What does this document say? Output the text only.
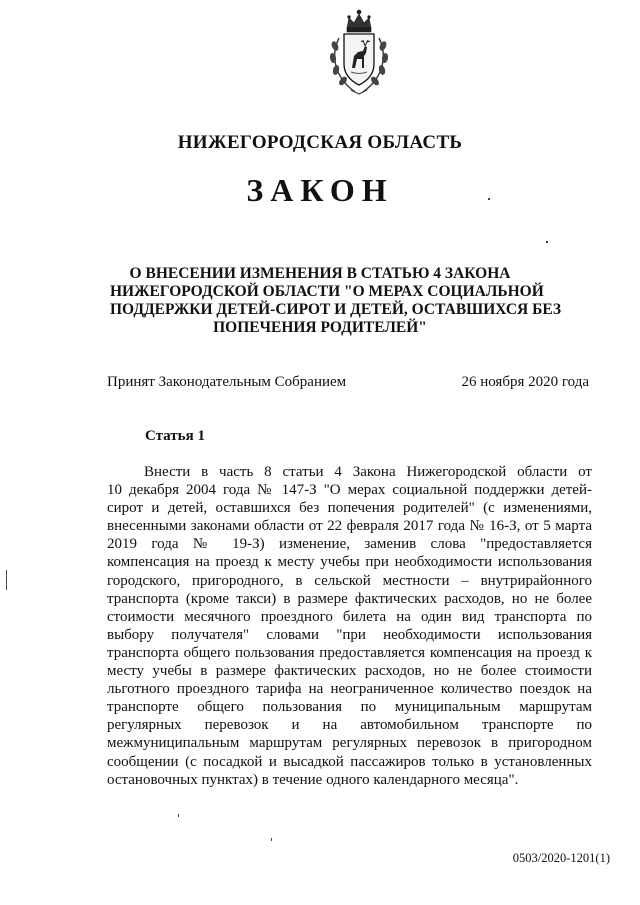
НИЖЕГОРОДСКАЯ ОБЛАСТЬ
ЗАКОН
О ВНЕСЕНИИ ИЗМЕНЕНИЯ В СТАТЬЮ 4 ЗАКОНА
НИЖЕГОРОДСКОЙ ОБЛАСТИ "О МЕРАХ СОЦИАЛЬНОЙ
ПОДДЕРЖКИ ДЕТЕЙ-СИРОТ И ДЕТЕЙ, ОСТАВШИХСЯ БЕЗ
ПОПЕЧЕНИЯ РОДИТЕЛЕЙ"
Принят Законодательным Собранием	26 ноября 2020 года
Статья 1
Внести в часть 8 статьи 4 Закона Нижегородской области от
10 декабря 2004 года № 147-З "О мерах социальной поддержки детей-
сирот и детей, оставшихся без попечения родителей" (с изменениями,
внесенными законами области от 22 февраля 2017 года № 16-З, от 5 марта
2019 года № 19-З) изменение, заменив слова "предоставляется
компенсация на проезд к месту учебы при необходимости использования
городского, пригородного, в сельской местности – внутрирайонного
транспорта (кроме такси) в размере фактических расходов, но не более
стоимости месячного проездного билета на один вид транспорта по
выбору получателя" словами "при необходимости использования
транспорта общего пользования предоставляется компенсация на проезд к
месту учебы в размере фактических расходов, но не более стоимости
льготного проездного тарифа на неограниченное количество поездок на
транспорте общего пользования по муниципальным маршрутам
регулярных перевозок и на автомобильном транспорте по
межмуниципальным маршрутам регулярных перевозок в пригородном
сообщении (с посадкой и высадкой пассажиров только в установленных
остановочных пунктах) в течение одного календарного месяца".
0503/2020-1201(1)
